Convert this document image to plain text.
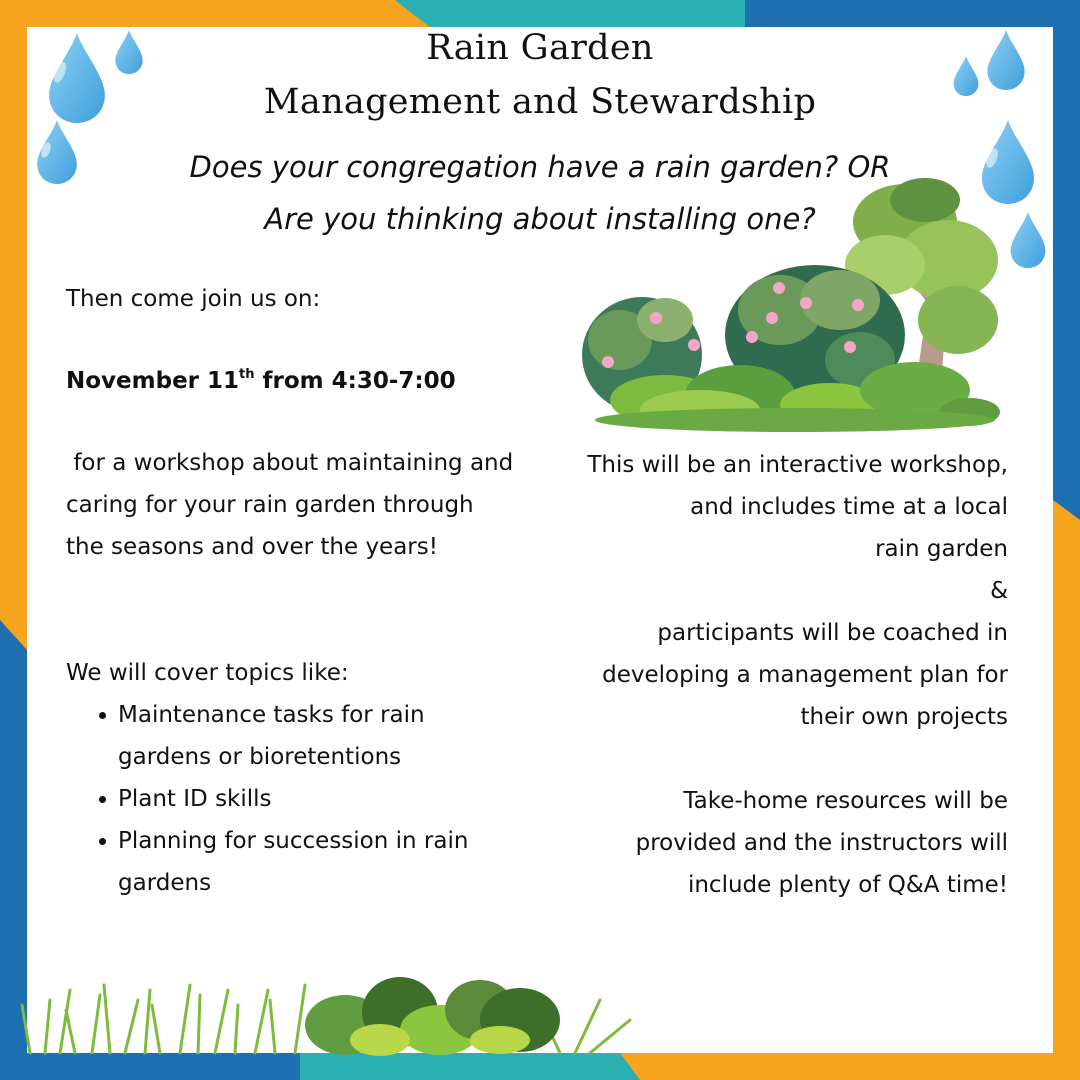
Rain Garden
Management and Stewardship
Does your congregation have a rain garden? OR
Are you thinking about installing one?
Then come join us on:
November 11th from 4:30-7:00
for a workshop about maintaining and caring for your rain garden through the seasons and over the years!
We will cover topics like:
Maintenance tasks for rain gardens or bioretentions
Plant ID skills
Planning for succession in rain gardens
This will be an interactive workshop,
and includes time at a local
rain garden
&
participants will be coached in
developing a management plan for
their own projects
Take-home resources will be
provided and the instructors will
include plenty of Q&A time!
